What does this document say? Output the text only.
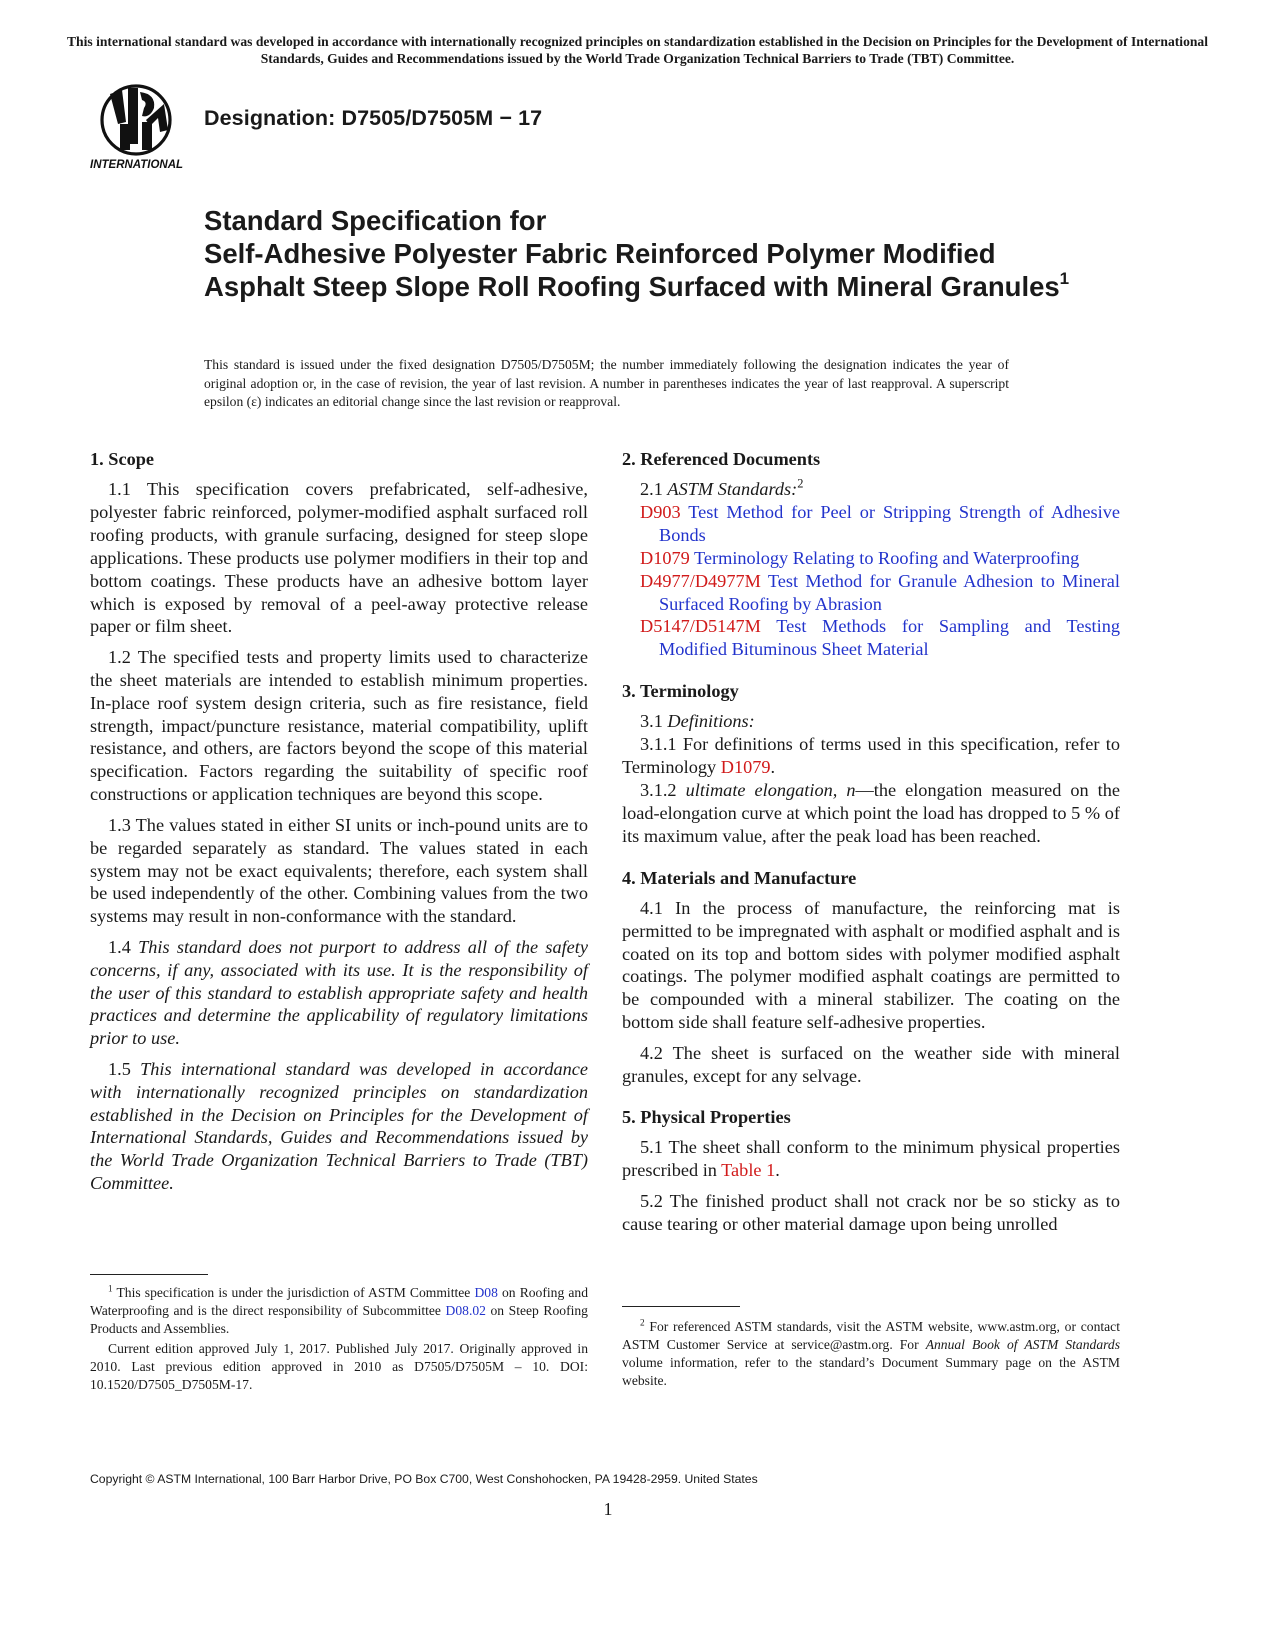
This international standard was developed in accordance with internationally recognized principles on standardization established in the Decision on Principles for the Development of International Standards, Guides and Recommendations issued by the World Trade Organization Technical Barriers to Trade (TBT) Committee.
INTERNATIONAL
Designation: D7505/D7505M − 17
Standard Specification for
Self-Adhesive Polyester Fabric Reinforced Polymer Modified Asphalt Steep Slope Roll Roofing Surfaced with Mineral Granules$^1$
This standard is issued under the fixed designation D7505/D7505M; the number immediately following the designation indicates the year of original adoption or, in the case of revision, the year of last revision. A number in parentheses indicates the year of last reapproval. A superscript epsilon (ε) indicates an editorial change since the last revision or reapproval.
1. Scope

1.1 This specification covers prefabricated, self-adhesive, polyester fabric reinforced, polymer-modified asphalt surfaced roll roofing products, with granule surfacing, designed for steep slope applications. These products use polymer modifiers in their top and bottom coatings. These products have an adhesive bottom layer which is exposed by removal of a peel-away protective release paper or film sheet.

1.2 The specified tests and property limits used to characterize the sheet materials are intended to establish minimum properties. In-place roof system design criteria, such as fire resistance, field strength, impact/puncture resistance, material compatibility, uplift resistance, and others, are factors beyond the scope of this material specification. Factors regarding the suitability of specific roof constructions or application techniques are beyond this scope.

1.3 The values stated in either SI units or inch-pound units are to be regarded separately as standard. The values stated in each system may not be exact equivalents; therefore, each system shall be used independently of the other. Combining values from the two systems may result in non-conformance with the standard.

1.4 This standard does not purport to address all of the safety concerns, if any, associated with its use. It is the responsibility of the user of this standard to establish appropriate safety and health practices and determine the applicability of regulatory limitations prior to use.

1.5 This international standard was developed in accordance with internationally recognized principles on standardization established in the Decision on Principles for the Development of International Standards, Guides and Recommendations issued by the World Trade Organization Technical Barriers to Trade (TBT) Committee.

$^1$ This specification is under the jurisdiction of ASTM Committee D08 on Roofing and Waterproofing and is the direct responsibility of Subcommittee D08.02 on Steep Roofing Products and Assemblies.

Current edition approved July 1, 2017. Published July 2017. Originally approved in 2010. Last previous edition approved in 2010 as D7505/D7505M – 10. DOI: 10.1520/D7505_D7505M-17.

2. Referenced Documents

2.1 ASTM Standards:$^2$

D903 Test Method for Peel or Stripping Strength of Adhesive Bonds
D1079 Terminology Relating to Roofing and Waterproofing
D4977/D4977M Test Method for Granule Adhesion to Mineral Surfaced Roofing by Abrasion
D5147/D5147M Test Methods for Sampling and Testing Modified Bituminous Sheet Material
3. Terminology

3.1 Definitions:

3.1.1 For definitions of terms used in this specification, refer to Terminology D1079.

3.1.2 ultimate elongation, n—the elongation measured on the load-elongation curve at which point the load has dropped to 5 % of its maximum value, after the peak load has been reached.

4. Materials and Manufacture

4.1 In the process of manufacture, the reinforcing mat is permitted to be impregnated with asphalt or modified asphalt and is coated on its top and bottom sides with polymer modified asphalt coatings. The polymer modified asphalt coatings are permitted to be compounded with a mineral stabilizer. The coating on the bottom side shall feature self-adhesive properties.

4.2 The sheet is surfaced on the weather side with mineral granules, except for any selvage.

5. Physical Properties

5.1 The sheet shall conform to the minimum physical properties prescribed in Table 1.

5.2 The finished product shall not crack nor be so sticky as to cause tearing or other material damage upon being unrolled

$^2$ For referenced ASTM standards, visit the ASTM website, www.astm.org, or contact ASTM Customer Service at service@astm.org. For Annual Book of ASTM Standards volume information, refer to the standard’s Document Summary page on the ASTM website.

Copyright © ASTM International, 100 Barr Harbor Drive, PO Box C700, West Conshohocken, PA 19428-2959. United States
1
